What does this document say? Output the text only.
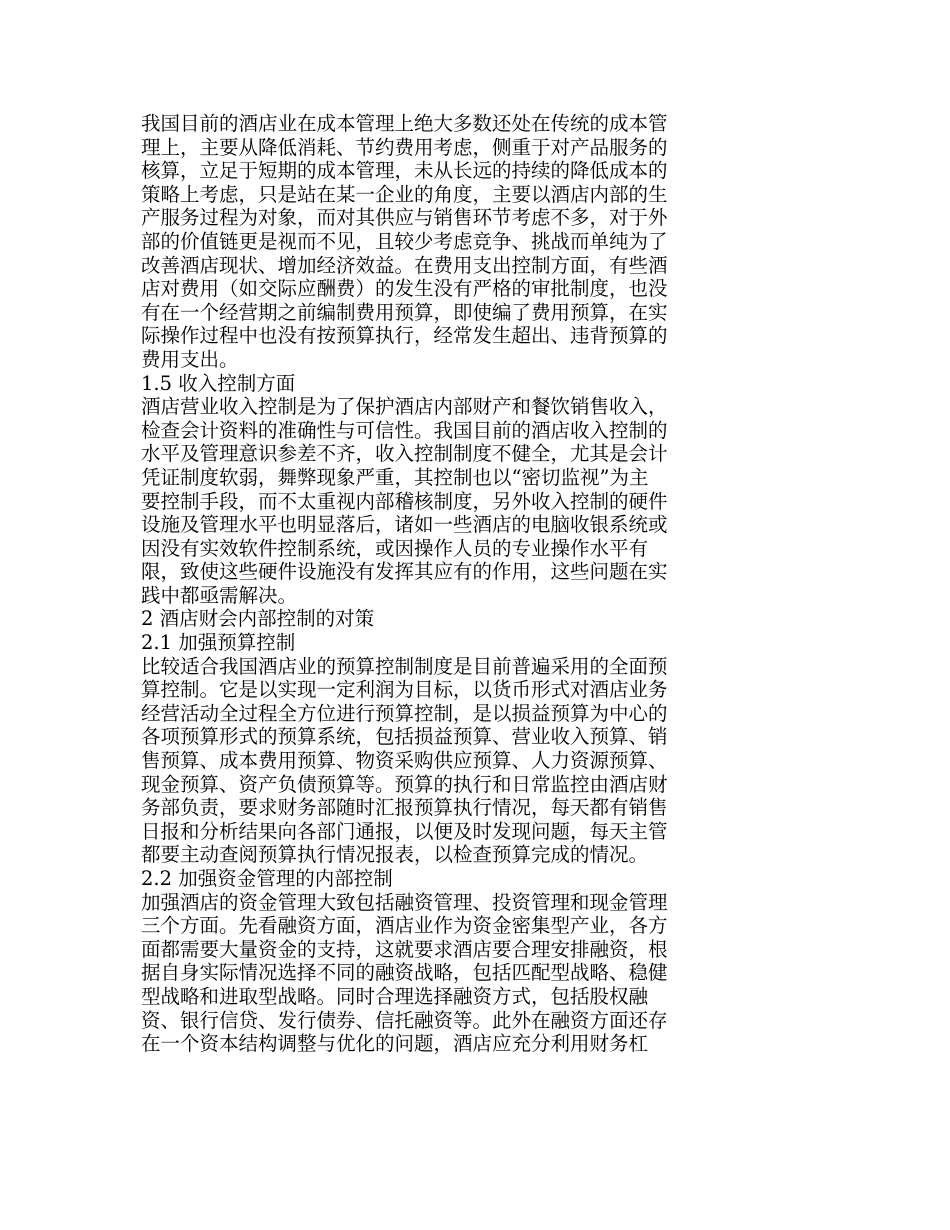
我国目前的酒店业在成本管理上绝大多数还处在传统的成本管
理上，主要从降低消耗、节约费用考虑，侧重于对产品服务的
核算，立足于短期的成本管理，未从长远的持续的降低成本的
策略上考虑，只是站在某一企业的角度，主要以酒店内部的生
产服务过程为对象，而对其供应与销售环节考虑不多，对于外
部的价值链更是视而不见，且较少考虑竞争、挑战而单纯为了
改善酒店现状、增加经济效益。在费用支出控制方面，有些酒
店对费用（如交际应酬费）的发生没有严格的审批制度，也没
有在一个经营期之前编制费用预算，即使编了费用预算，在实
际操作过程中也没有按预算执行，经常发生超出、违背预算的
费用支出。
1.5 收入控制方面
酒店营业收入控制是为了保护酒店内部财产和餐饮销售收入，
检查会计资料的准确性与可信性。我国目前的酒店收入控制的
水平及管理意识参差不齐，收入控制制度不健全，尤其是会计
凭证制度软弱，舞弊现象严重，其控制也以“密切监视”为主
要控制手段，而不太重视内部稽核制度，另外收入控制的硬件
设施及管理水平也明显落后，诸如一些酒店的电脑收银系统或
因没有实效软件控制系统，或因操作人员的专业操作水平有
限，致使这些硬件设施没有发挥其应有的作用，这些问题在实
践中都亟需解决。
2 酒店财会内部控制的对策
2.1 加强预算控制
比较适合我国酒店业的预算控制制度是目前普遍采用的全面预
算控制。它是以实现一定利润为目标，以货币形式对酒店业务
经营活动全过程全方位进行预算控制，是以损益预算为中心的
各项预算形式的预算系统，包括损益预算、营业收入预算、销
售预算、成本费用预算、物资采购供应预算、人力资源预算、
现金预算、资产负债预算等。预算的执行和日常监控由酒店财
务部负责，要求财务部随时汇报预算执行情况，每天都有销售
日报和分析结果向各部门通报，以便及时发现问题，每天主管
都要主动查阅预算执行情况报表，以检查预算完成的情况。
2.2 加强资金管理的内部控制
加强酒店的资金管理大致包括融资管理、投资管理和现金管理
三个方面。先看融资方面，酒店业作为资金密集型产业，各方
面都需要大量资金的支持，这就要求酒店要合理安排融资，根
据自身实际情况选择不同的融资战略，包括匹配型战略、稳健
型战略和进取型战略。同时合理选择融资方式，包括股权融
资、银行信贷、发行债券、信托融资等。此外在融资方面还存
在一个资本结构调整与优化的问题，酒店应充分利用财务杠
